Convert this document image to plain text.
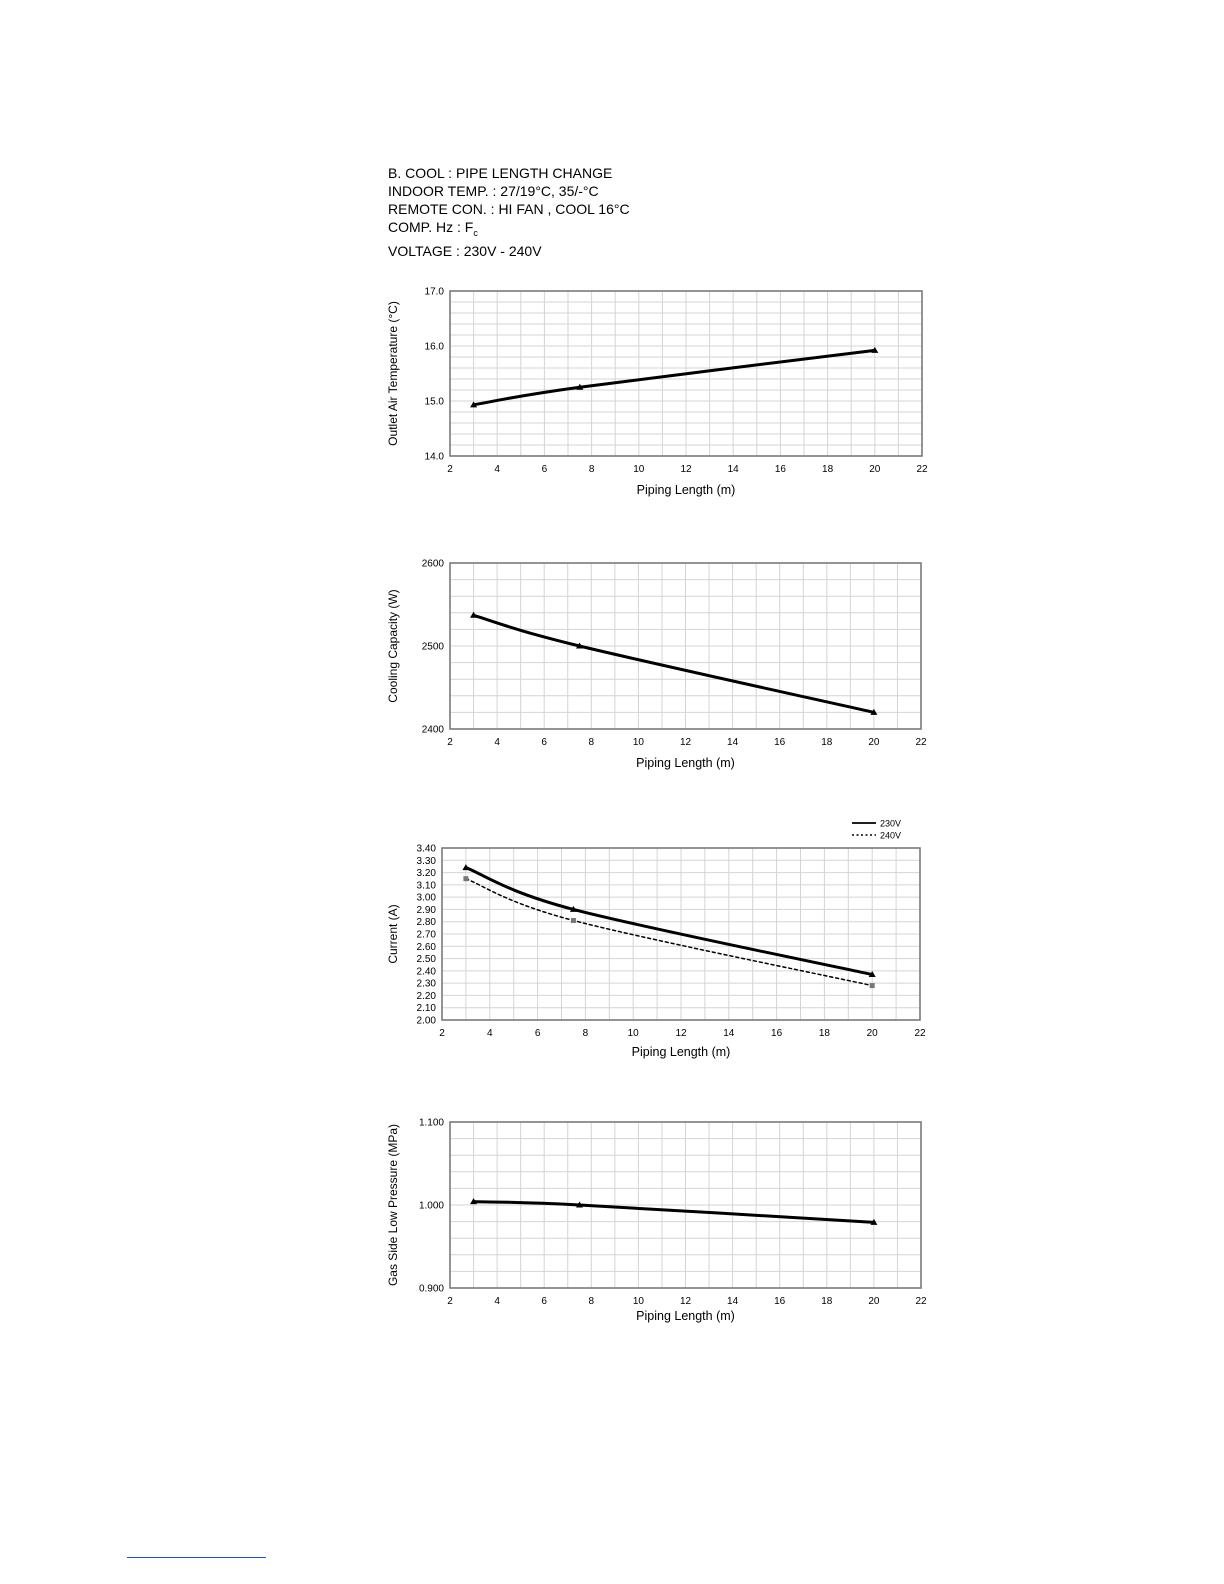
B. COOL : PIPE LENGTH CHANGE
INDOOR TEMP. : 27/19°C, 35/-°C
REMOTE CON. : HI FAN , COOL 16°C
COMP. Hz : $F_c$
VOLTAGE : 230V - 240V
2	4	6	8	10	12	14	16	18	20	22
14.0
15.0
16.0
17.0
Piping Length (m)
Outlet Air Temperature (°C)
2	4	6	8	10	12	14	16	18	20	22
2400
2500
2600
Piping Length (m)
Cooling Capacity (W)
2	4	6	8	10	12	14	16	18	20	22
2.00
2.10
2.20
2.30
2.40
2.50
2.60
2.70
2.80
2.90
3.00
3.10
3.20
3.30
3.40
Piping Length (m)
Current (A)
230V
240V
2	4	6	8	10	12	14	16	18	20	22
0.900
1.000
1.100
Piping Length (m)
Gas Side Low Pressure (MPa)
